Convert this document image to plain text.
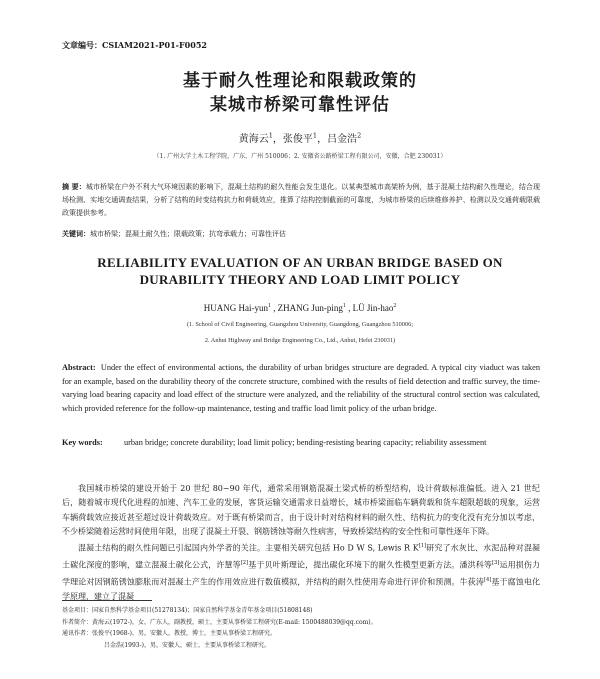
文章编号：CSIAM2021-P01-F0052
基于耐久性理论和限载政策的
某城市桥梁可靠性评估
黄海云$^1$，张俊平$^1$，吕金浩$^2$
（1. 广州大学土木工程学院，广东，广州 510006；2. 安徽省公路桥梁工程有限公司，安徽，合肥 230031）
摘 要：城市桥梁在户外不利大气环境因素的影响下，混凝土结构的耐久性能会发生退化。以某典型城市高架桥为例，基于混凝土结构耐久性理论，结合现场检测、实地交通调查结果，分析了结构的时变结构抗力和荷载效应，推算了结构控制截面的可靠度，为城市桥梁的后续维修养护、检测以及交通荷载限载政策提供参考。
关键词：城市桥梁；混凝土耐久性；限载政策；抗弯承载力；可靠性评估
RELIABILITY EVALUATION OF AN URBAN BRIDGE BASED ON
DURABILITY THEORY AND LOAD LIMIT POLICY
HUANG Hai-yun$^1$ , ZHANG Jun-ping$^1$ , LÜ Jin-hao$^2$
(1. School of Civil Engineering, Guangzhou University, Guangdong, Guangzhou 510006;
2. Anhui Highway and Bridge Engineering Co., Ltd., Anhui, Hefei 230031)
Abstract: Under the effect of environmental actions, the durability of urban bridges structure are degraded. A typical city viaduct was taken for an example, based on the durability theory of the concrete structure, combined with the results of field detection and traffic survey, the time-varying load bearing capacity and load effect of the structure were analyzed, and the reliability of the structural control section was calculated, which provided reference for the follow-up maintenance, testing and traffic load limit policy of the urban bridge.
Key words:	urban bridge; concrete durability; load limit policy; bending-resisting bearing capacity; reliability assessment

我国城市桥梁的建设开始于 20 世纪 80~90 年代，通常采用钢筋混凝土梁式桥的桥型结构，设计荷载标准偏低。进入 21 世纪后，随着城市现代化进程的加速、汽车工业的发展，客货运输交通需求日益增长，城市桥梁面临车辆荷载和货车超限超载的现象，运营车辆荷载效应接近甚至超过设计荷载效应。对于既有桥梁而言，由于设计时对结构材料的耐久性、结构抗力的变化没有充分加以考虑，不少桥梁随着运营时间使用年限，出现了混凝土开裂、钢筋锈蚀等耐久性病害，导致桥梁结构的安全性和可靠性逐年下降。

混凝土结构的耐久性问题已引起国内外学者的关注。主要相关研究包括 Ho D W S, Lewis R K[1]研究了水灰比、水泥品种对混凝土碳化深度的影响，建立混凝土碳化公式，许慧等[2]基于贝叶斯理论，提出碳化环境下的耐久性模型更新方法。潘洪科等[3]运用损伤力学理论对因钢筋锈蚀膨胀而对混凝土产生的作用效应进行数值模拟，并结构的耐久性使用寿命进行评价和预测。牛荻涛[4]基于腐蚀电化学原理，建立了混凝

基金项目：国家自然科学基金项目(51278134)；国家自然科学基金青年基金项目(51808148)
作者简介：黄海云(1972-)，女，广东人，副教授，硕士，主要从事桥梁工程研究(E-mail: 1500488039@qq.com)。
通讯作者：张俊平(1968-)，男，安徽人，教授，博士，主要从事桥梁工程研究。
吕金浩(1993-)，男，安徽人，硕士，主要从事桥梁工程研究。
